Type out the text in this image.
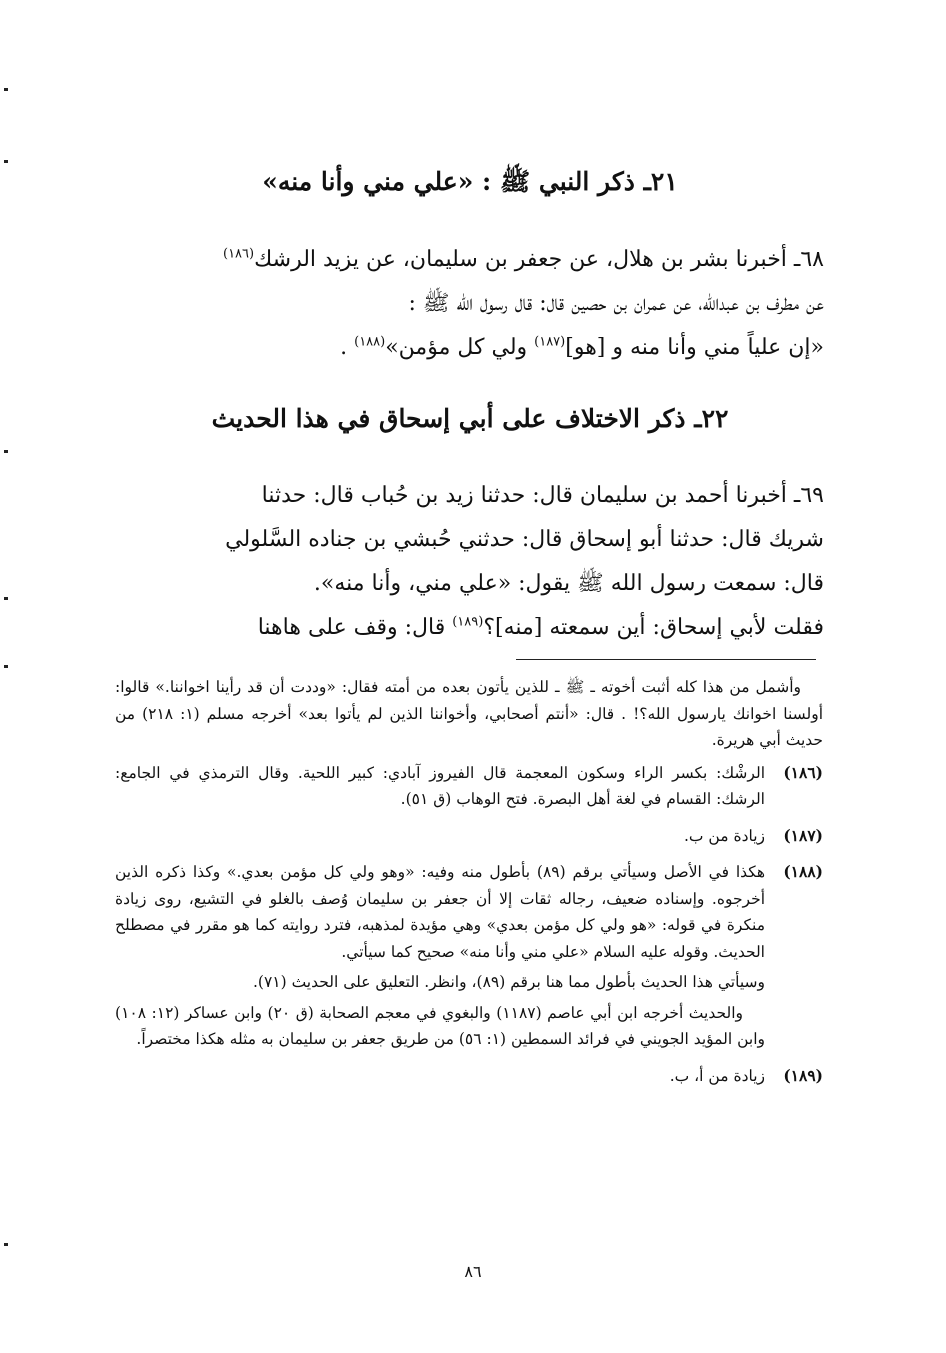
٢١ـ ذكر النبي ﷺ : «علي مني وأنا منه»

٦٨ـ أخبرنا بشر بن هلال، عن جعفر بن سليمان، عن يزيد الرشك$^{(١٨٦)}$

عن مطرف بن عبدالله، عن عمران بن حصين قال: قال رسول الله ﷺ :

«إن علياً مني وأنا منه و [هو]$^{(١٨٧)}$ ولي كل مؤمن»$^{(١٨٨)}$ .

٢٢ـ ذكر الاختلاف على أبي إسحاق في هذا الحديث

٦٩ـ أخبرنا أحمد بن سليمان قال: حدثنا زيد بن حُباب قال: حدثنا

شريك قال: حدثنا أبو إسحاق قال: حدثني حُبشي بن جناده السَّلولي

قال: سمعت رسول الله ﷺ يقول: «علي مني، وأنا منه».

فقلت لأبي إسحاق: أين سمعته [منه]؟$^{(١٨٩)}$ قال: وقف على هاهنا

وأشمل من هذا كله أثبت أخوته ـ ﷺ ـ للذين يأتون بعده من أمته فقال: «وددت أن قد رأينا اخواننا.» قالوا: أولسنا اخوانك يارسول الله؟! . قال: «أنتم أصحابي، وأخواننا الذين لم يأتوا بعد» أخرجه مسلم (١: ٢١٨) من حديث أبي هريرة.

(١٨٦)

الرشْك: بكسر الراء وسكون المعجمة قال الفيروز آبادي: كبير اللحية. وقال الترمذي في الجامع: الرشك: القسام في لغة أهل البصرة. فتح الوهاب (ق ٥١).

(١٨٧)

زيادة من ب.

(١٨٨)

هكذا في الأصل وسيأتي برقم (٨٩) بأطول منه وفيه: «وهو ولي كل مؤمن بعدي.» وكذا ذكره الذين أخرجوه. وإسناده ضعيف، رجاله ثقات إلا أن جعفر بن سليمان وُصف بالغلو في التشيع، روى زيادة منكرة في قوله: «هو ولي كل مؤمن بعدي» وهي مؤيدة لمذهبه، فترد روايته كما هو مقرر في مصطلح الحديث. وقوله عليه السلام «علي مني وأنا منه» صحيح كما سيأتي.

وسيأتي هذا الحديث بأطول مما هنا برقم (٨٩)، وانظر. التعليق على الحديث (٧١).

والحديث أخرجه ابن أبي عاصم (١١٨٧) والبغوي في معجم الصحابة (ق ٢٠) وابن عساكر (١٢: ١٠٨) وابن المؤيد الجويني في فرائد السمطين (١: ٥٦) من طريق جعفر بن سليمان به مثله هكذا مختصراً.

(١٨٩)

زيادة من أ، ب.

٨٦
